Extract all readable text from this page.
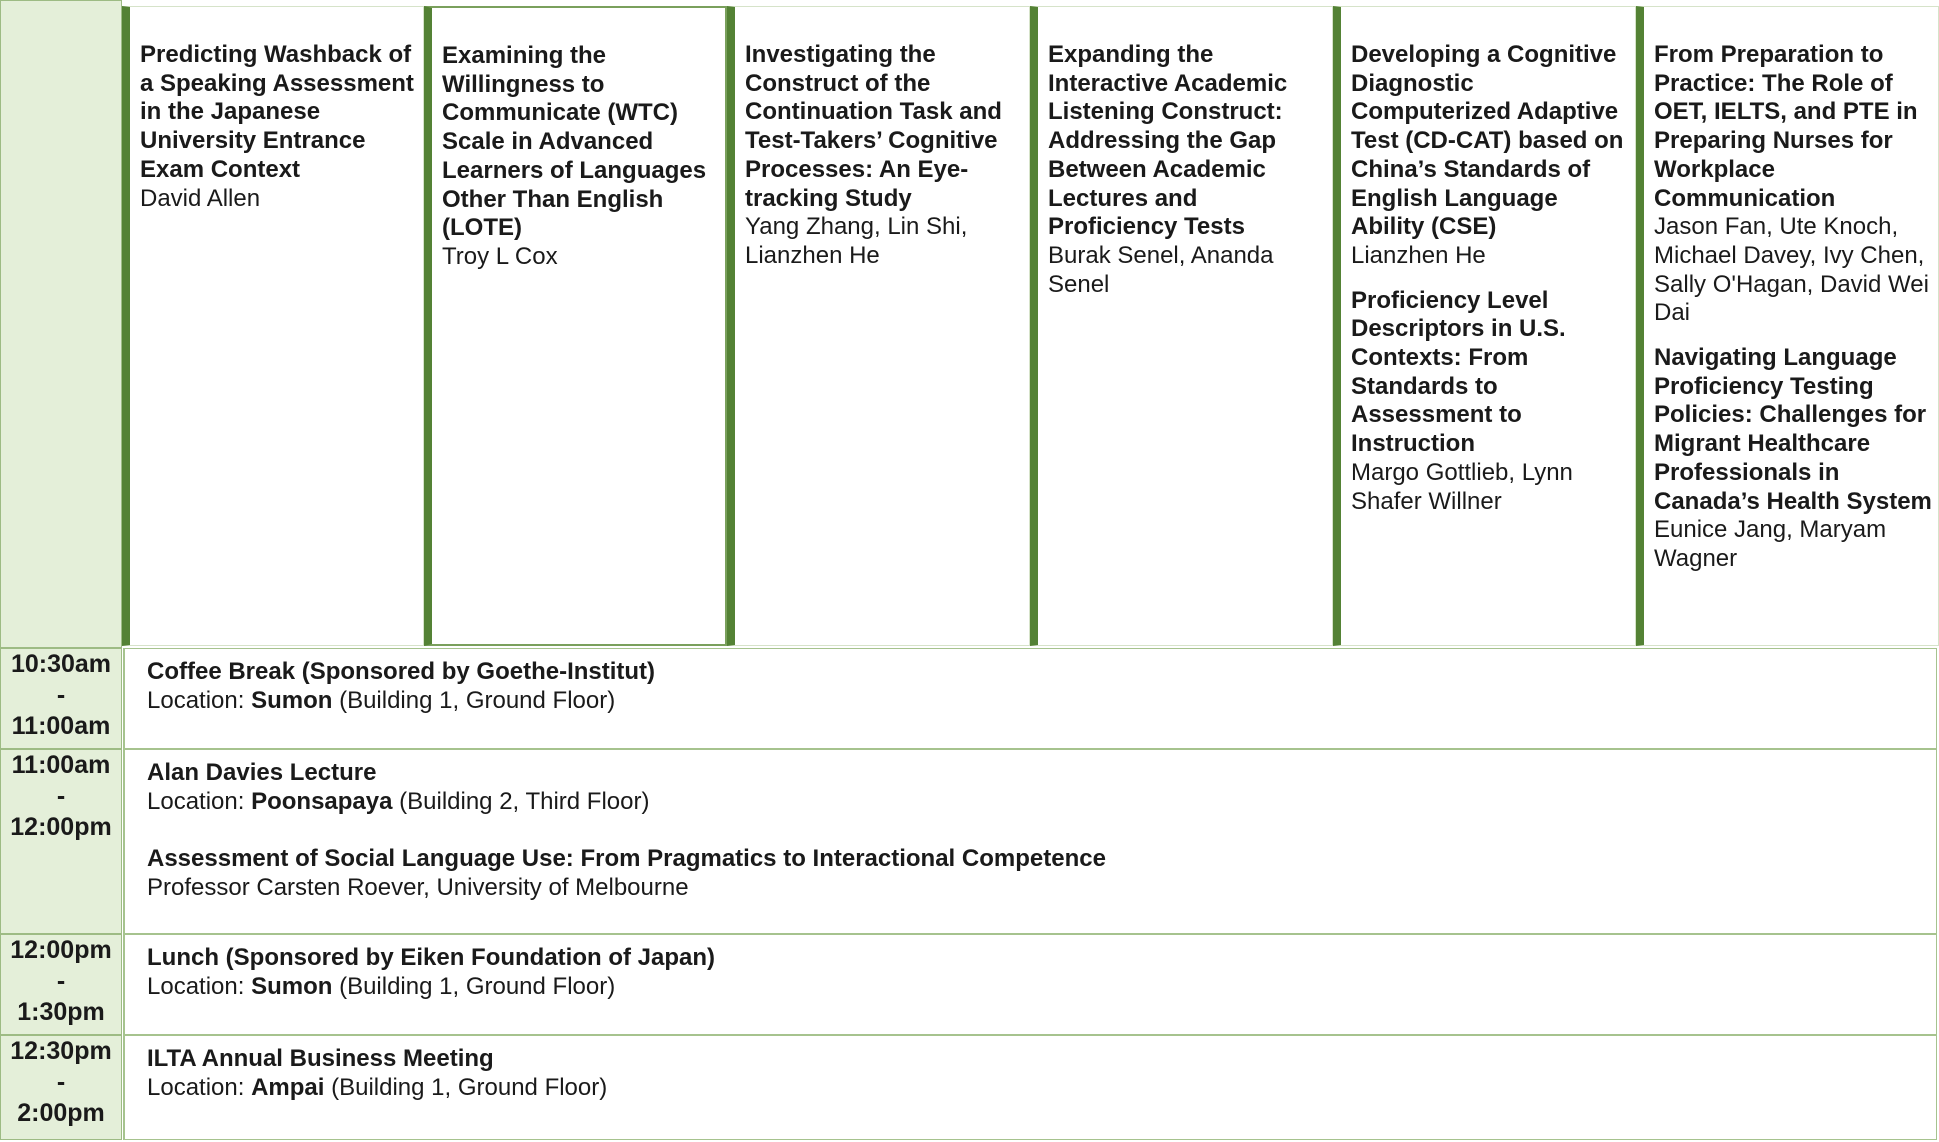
Predicting Washback of a Speaking Assessment in the Japanese University Entrance Exam Context
David Allen
Examining the Willingness to Communicate (WTC) Scale in Advanced Learners of Languages Other Than English (LOTE)
Troy L Cox
Investigating the Construct of the Continuation Task and Test-Takers’ Cognitive Processes: An Eye-tracking Study
Yang Zhang, Lin Shi, Lianzhen He
Expanding the Interactive Academic Listening Construct: Addressing the Gap Between Academic Lectures and Proficiency Tests
Burak Senel, Ananda Senel
Developing a Cognitive Diagnostic Computerized Adaptive Test (CD-CAT) based on China’s Standards of English Language Ability (CSE)
Lianzhen He
Proficiency Level Descriptors in U.S. Contexts: From Standards to Assessment to Instruction
Margo Gottlieb, Lynn Shafer Willner
From Preparation to Practice: The Role of OET, IELTS, and PTE in Preparing Nurses for Workplace Communication
Jason Fan, Ute Knoch, Michael Davey, Ivy Chen, Sally O'Hagan, David Wei Dai
Navigating Language Proficiency Testing Policies: Challenges for Migrant Healthcare Professionals in Canada’s Health System
Eunice Jang, Maryam Wagner
10:30am
-
11:00am
Coffee Break (Sponsored by Goethe-Institut)
Location: Sumon (Building 1, Ground Floor)
11:00am
-
12:00pm
Alan Davies Lecture
Location: Poonsapaya (Building 2, Third Floor)
Assessment of Social Language Use: From Pragmatics to Interactional Competence
Professor Carsten Roever, University of Melbourne
12:00pm
-
1:30pm
Lunch (Sponsored by Eiken Foundation of Japan)
Location: Sumon (Building 1, Ground Floor)
12:30pm
-
2:00pm
ILTA Annual Business Meeting
Location: Ampai (Building 1, Ground Floor)
